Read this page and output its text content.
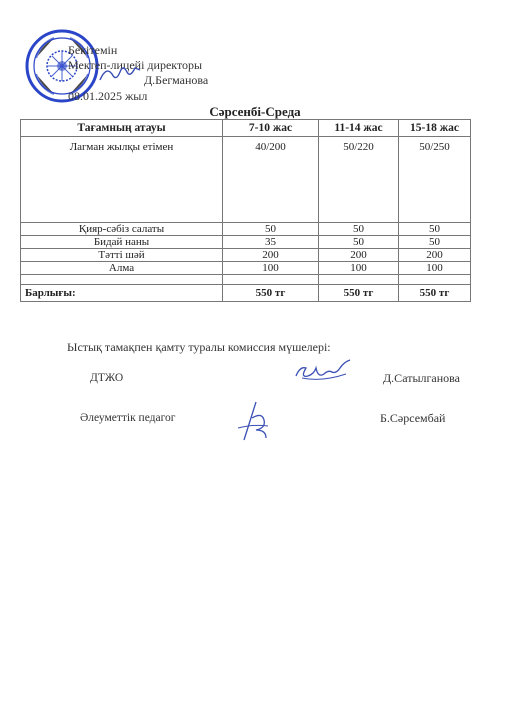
Бекітемін
Мектеп-лицейі директоры
Д.Бегманова
08.01.2025 жыл
Сәрсенбі-Среда
Тағамның атауы	7-10 жас	11-14 жас	15-18 жас
Лагман жылқы етімен	40/200	50/220	50/250
Қияр-сәбіз салаты	50	50	50
Бидай наны	35	50	50
Тәтті шәй	200	200	200
Алма	100	100	100

Барлығы:	550 тг	550 тг	550 тг
Ыстық тамақпен қамту туралы комиссия мүшелері:
ДТЖО	Д.Сатылганова
Әлеуметтік педагог	Б.Сәрсембай
